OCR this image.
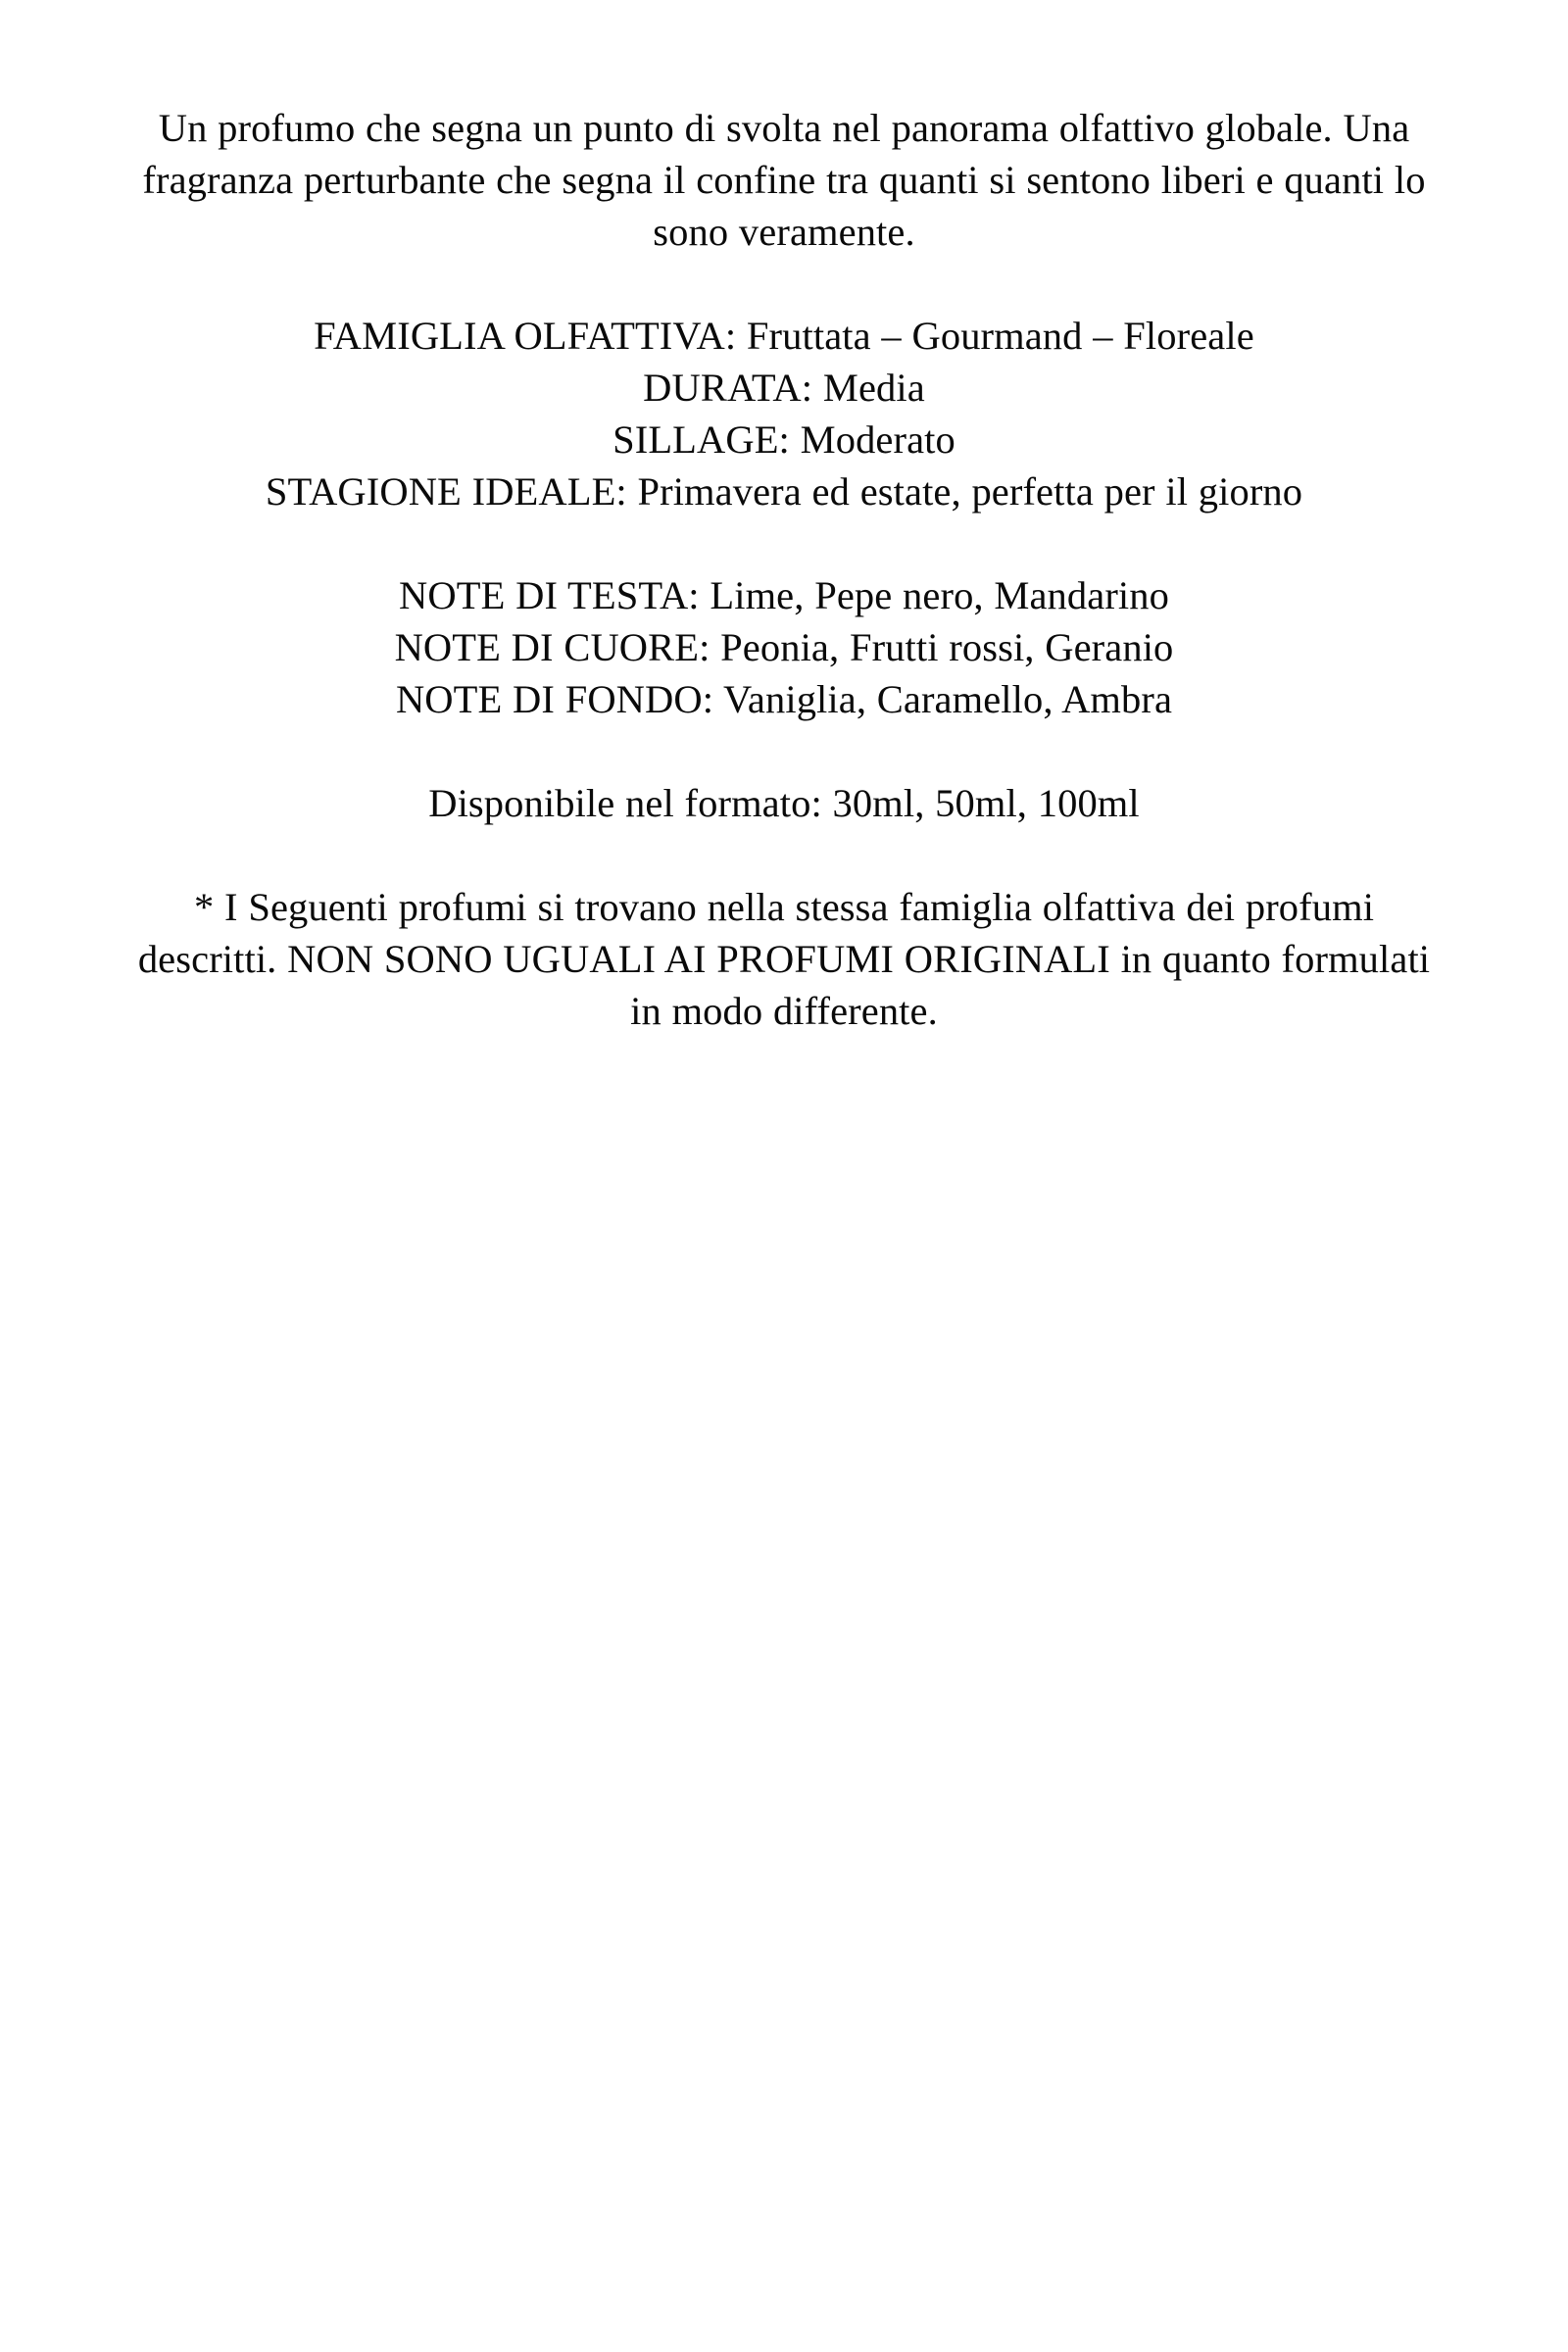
Un profumo che segna un punto di svolta nel panorama olfattivo globale. Una fragranza perturbante che segna il confine tra quanti si sentono liberi e quanti lo sono veramente.

FAMIGLIA OLFATTIVA: Fruttata – Gourmand – Floreale
DURATA: Media
SILLAGE: Moderato
STAGIONE IDEALE: Primavera ed estate, perfetta per il giorno
NOTE DI TESTA: Lime, Pepe nero, Mandarino
NOTE DI CUORE: Peonia, Frutti rossi, Geranio
NOTE DI FONDO: Vaniglia, Caramello, Ambra
Disponibile nel formato: 30ml, 50ml, 100ml

* I Seguenti profumi si trovano nella stessa famiglia olfattiva dei profumi descritti. NON SONO UGUALI AI PROFUMI ORIGINALI in quanto formulati in modo differente.
